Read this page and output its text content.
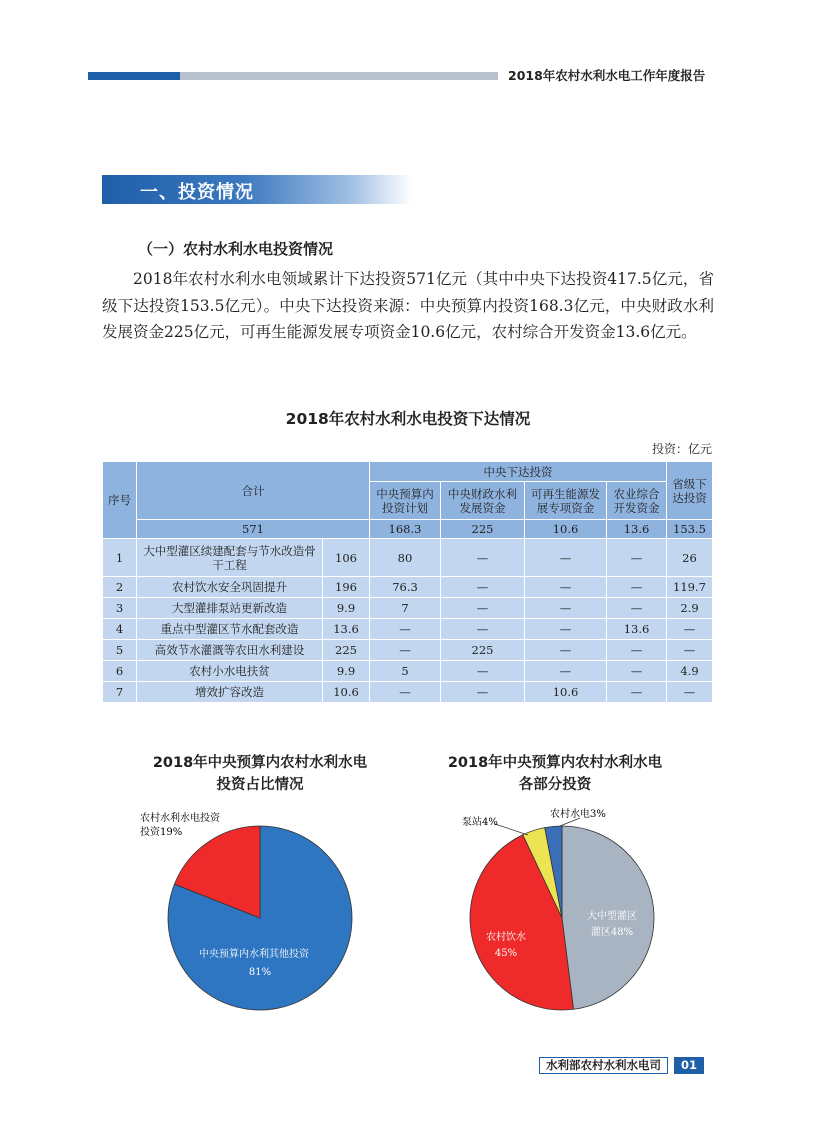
2018年农村水利水电工作年度报告
一、投资情况
（一）农村水利水电投资情况
2018年农村水利水电领域累计下达投资571亿元（其中中央下达投资417.5亿元，省级下达投资153.5亿元）。中央下达投资来源：中央预算内投资168.3亿元，中央财政水利发展资金225亿元，可再生能源发展专项资金10.6亿元，农村综合开发资金13.6亿元。
2018年农村水利水电投资下达情况
投资：亿元
序号	合计		中央下达投资				省级下达投资
			中央预算内投资计划	中央财政水利发展资金	可再生能源发展专项资金	农业综合开发资金	
	571		168.3	225	10.6	13.6	153.5
1	大中型灌区续建配套与节水改造骨干工程	106	80	—	—	—	26
2	农村饮水安全巩固提升	196	76.3	—	—	—	119.7
3	大型灌排泵站更新改造	9.9	7	—	—	—	2.9
4	重点中型灌区节水配套改造	13.6	—	—	—	13.6	—
5	高效节水灌溉等农田水利建设	225	—	225	—	—	—
6	农村小水电扶贫	9.9	5	—	—	—	4.9
7	增效扩容改造	10.6	—	—	10.6	—	—
2018年中央预算内农村水利水电
投资占比情况
农村水利水电投资
投资19%
中央预算内水利其他投资
81%
2018年中央预算内农村水利水电
各部分投资
泵站4%
农村水电3%
大中型灌区
灌区48%
农村饮水
45%
水利部农村水利水电司	01
